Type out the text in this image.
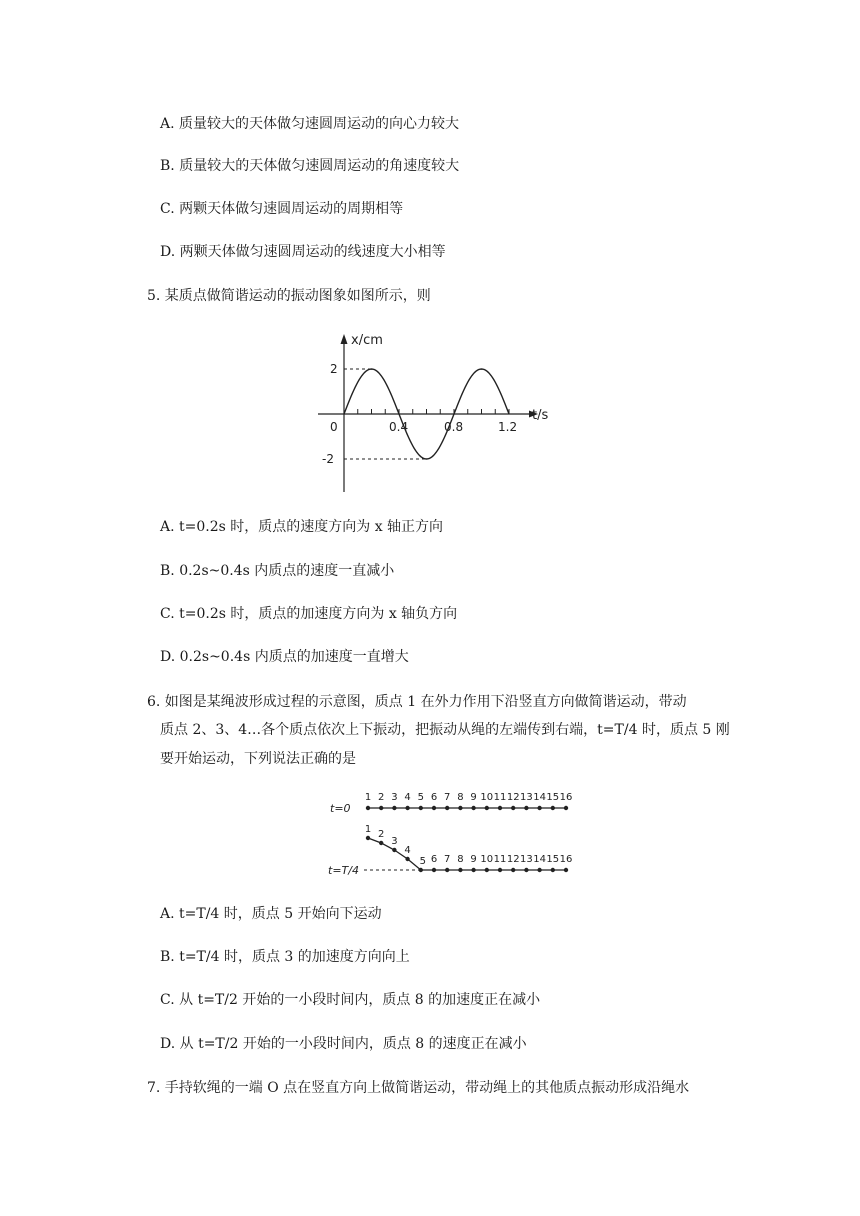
A. 质量较大的天体做匀速圆周运动的向心力较大
B. 质量较大的天体做匀速圆周运动的角速度较大
C. 两颗天体做匀速圆周运动的周期相等
D. 两颗天体做匀速圆周运动的线速度大小相等
5. 某质点做简谐运动的振动图象如图所示，则
x/cm
t/s
0	0.4	0.8	1.2
2
-2
A. t=0.2s 时，质点的速度方向为 x 轴正方向
B. 0.2s~0.4s 内质点的速度一直减小
C. t=0.2s 时，质点的加速度方向为 x 轴负方向
D. 0.2s~0.4s 内质点的加速度一直增大
6. 如图是某绳波形成过程的示意图，质点 1 在外力作用下沿竖直方向做简谐运动，带动
质点 2、3、4…各个质点依次上下振动，把振动从绳的左端传到右端，t=T/4 时，质点 5 刚
要开始运动，下列说法正确的是
t=0
1 2 3 4 5 6 7 8 9 10 11 12 13 14 15 16
t=T/4
1 2
3
4
5 6 7 8 9 10 11 12 13 14 15 16
A. t=T/4 时，质点 5 开始向下运动
B. t=T/4 时，质点 3 的加速度方向向上
C. 从 t=T/2 开始的一小段时间内，质点 8 的加速度正在减小
D. 从 t=T/2 开始的一小段时间内，质点 8 的速度正在减小
7. 手持软绳的一端 O 点在竖直方向上做简谐运动，带动绳上的其他质点振动形成沿绳水
